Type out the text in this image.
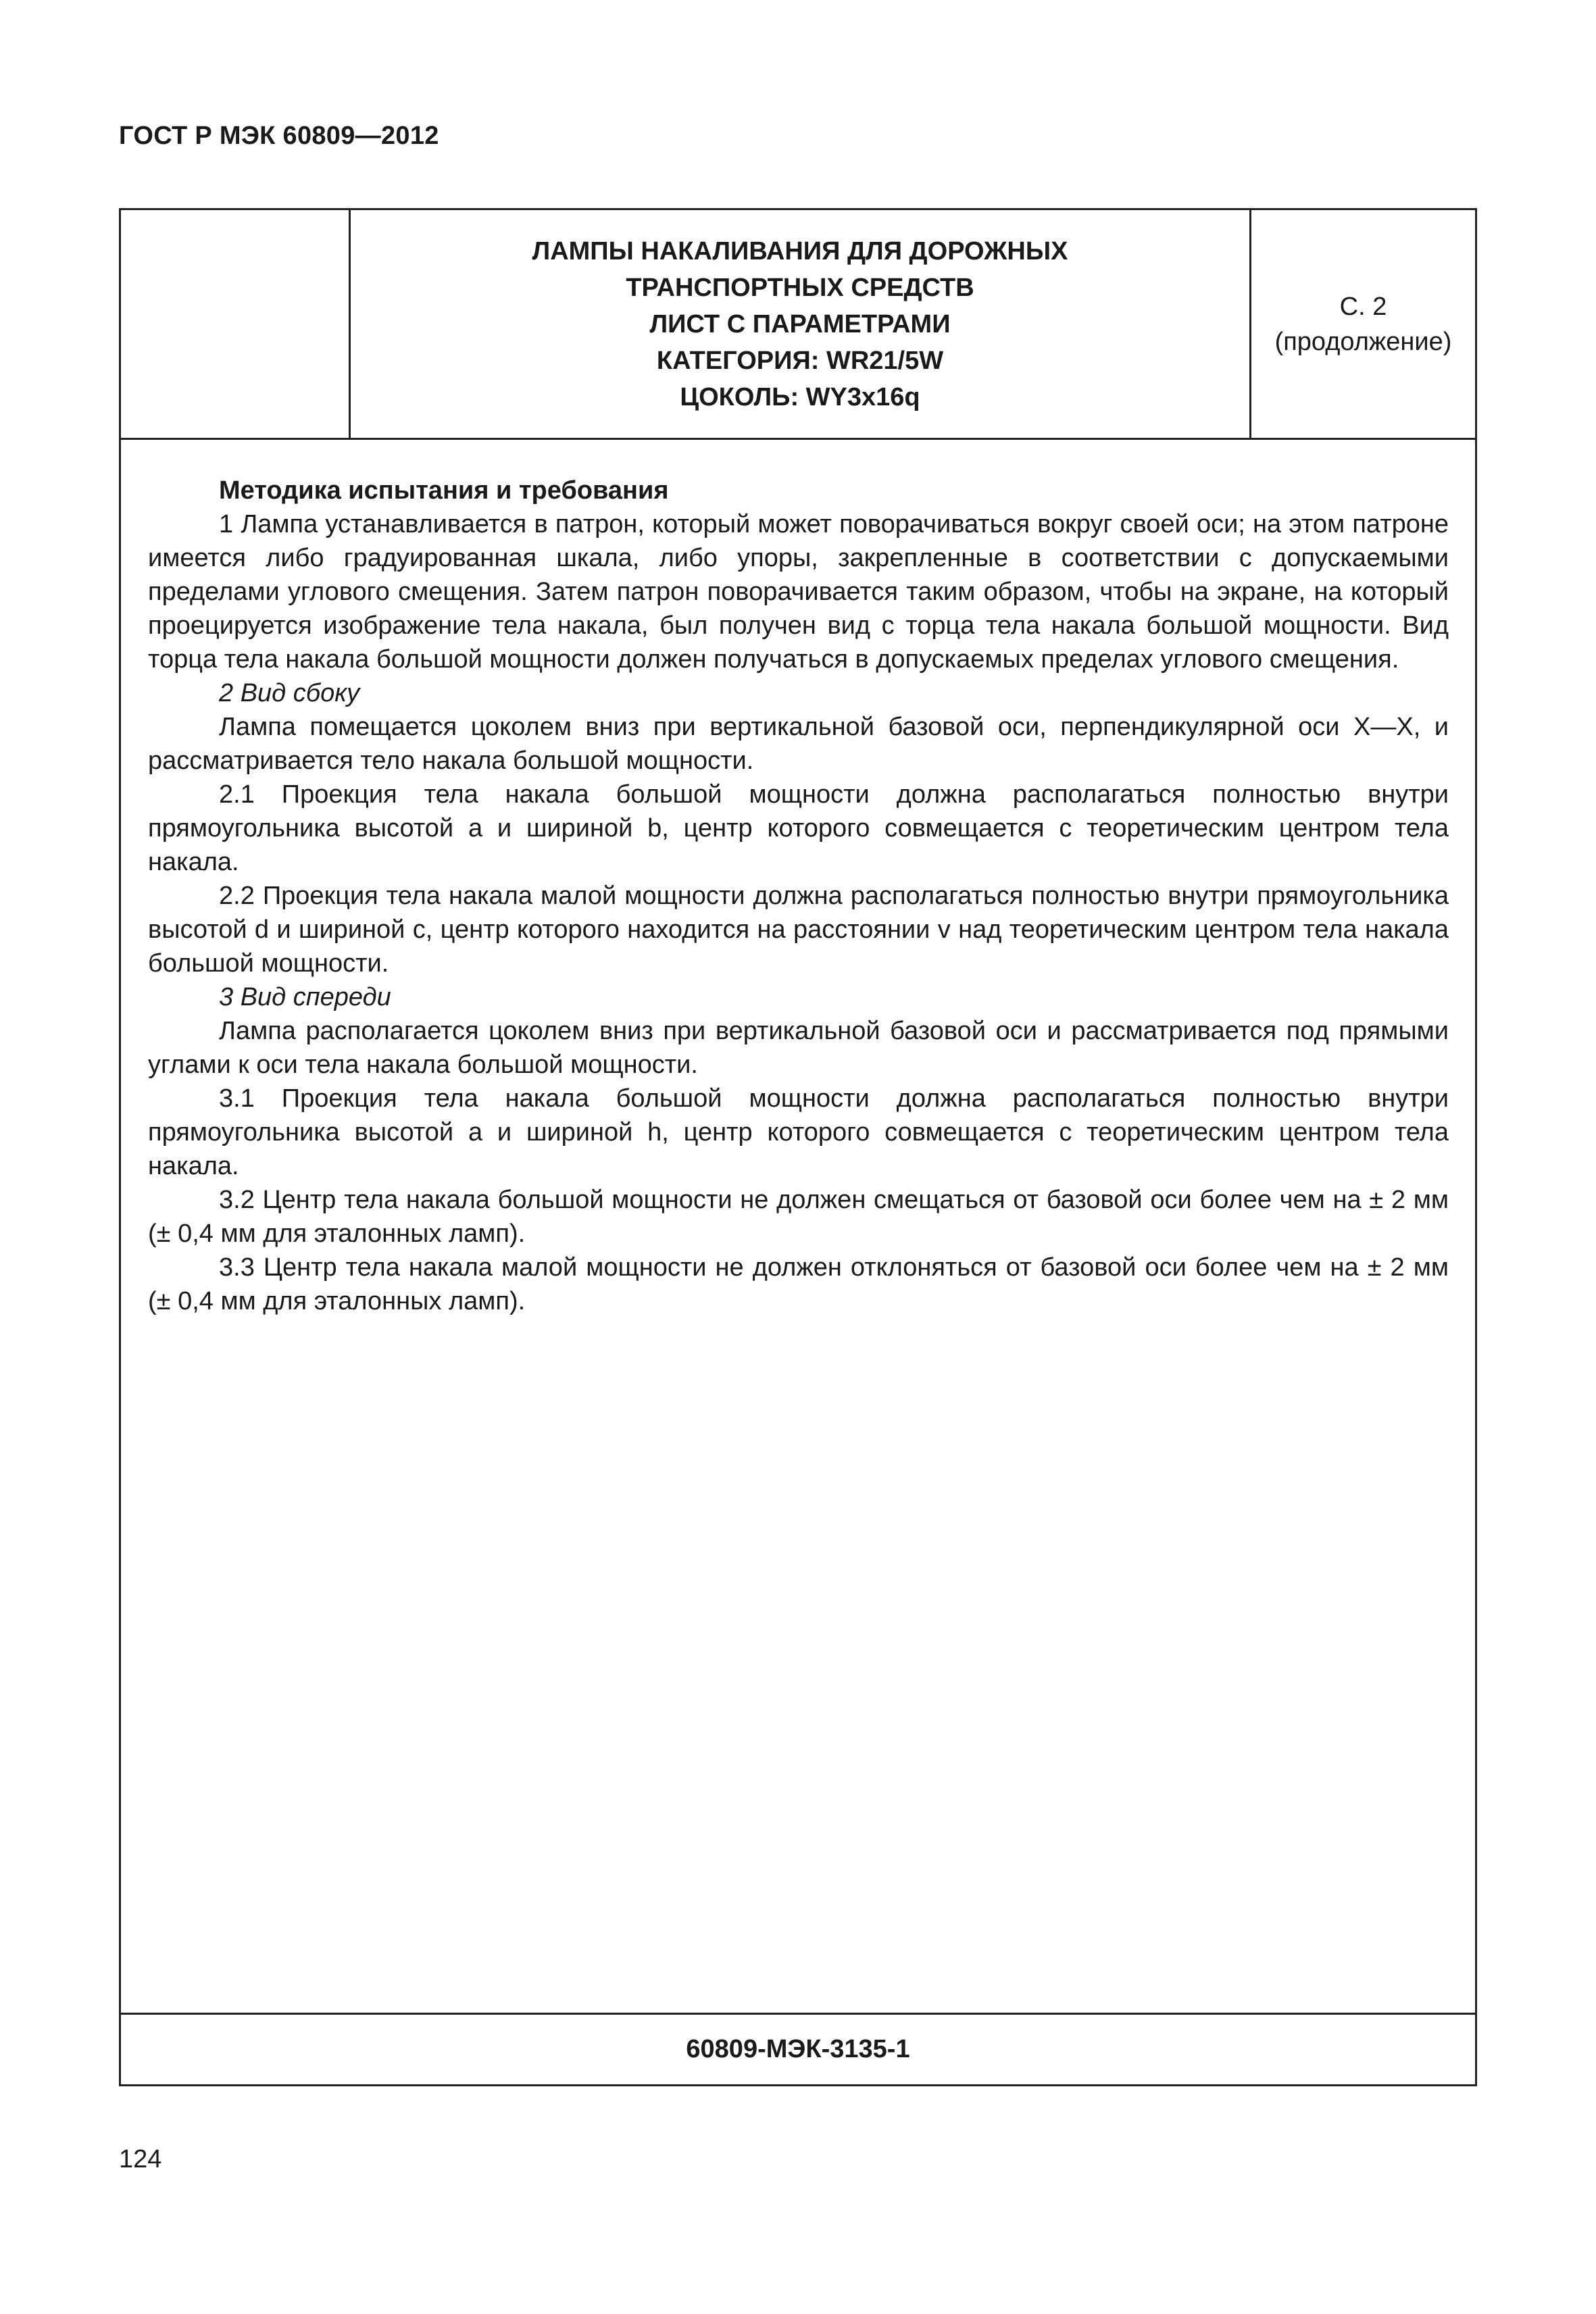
ГОСТ Р МЭК 60809—2012
ЛАМПЫ НАКАЛИВАНИЯ ДЛЯ ДОРОЖНЫХ
ТРАНСПОРТНЫХ СРЕДСТВ
ЛИСТ С ПАРАМЕТРАМИ
КАТЕГОРИЯ: WR21/5W
ЦОКОЛЬ: WY3x16q
С. 2
(продолжение)

Методика испытания и требования

1 Лампа устанавливается в патрон, который может поворачиваться вокруг своей оси; на этом патроне имеется либо градуированная шкала, либо упоры, закрепленные в соответствии с допускаемыми пределами углового смещения. Затем патрон поворачивается таким образом, чтобы на экране, на который проецируется изображение тела накала, был получен вид с торца тела накала большой мощности. Вид торца тела накала большой мощности должен получаться в допускаемых пределах углового смещения.

2 Вид сбоку

Лампа помещается цоколем вниз при вертикальной базовой оси, перпендикулярной оси X—X, и рассматривается тело накала большой мощности.

2.1 Проекция тела накала большой мощности должна располагаться полностью внутри прямоугольника высотой a и шириной b, центр которого совмещается с теоретическим центром тела накала.

2.2 Проекция тела накала малой мощности должна располагаться полностью внутри прямоугольника высотой d и шириной c, центр которого находится на расстоянии v над теоретическим центром тела накала большой мощности.

3 Вид спереди

Лампа располагается цоколем вниз при вертикальной базовой оси и рассматривается под прямыми углами к оси тела накала большой мощности.

3.1 Проекция тела накала большой мощности должна располагаться полностью внутри прямоугольника высотой a и шириной h, центр которого совмещается с теоретическим центром тела накала.

3.2 Центр тела накала большой мощности не должен смещаться от базовой оси более чем на ± 2 мм (± 0,4 мм для эталонных ламп).

3.3 Центр тела накала малой мощности не должен отклоняться от базовой оси более чем на ± 2 мм (± 0,4 мм для эталонных ламп).

60809-МЭК-3135-1
124
